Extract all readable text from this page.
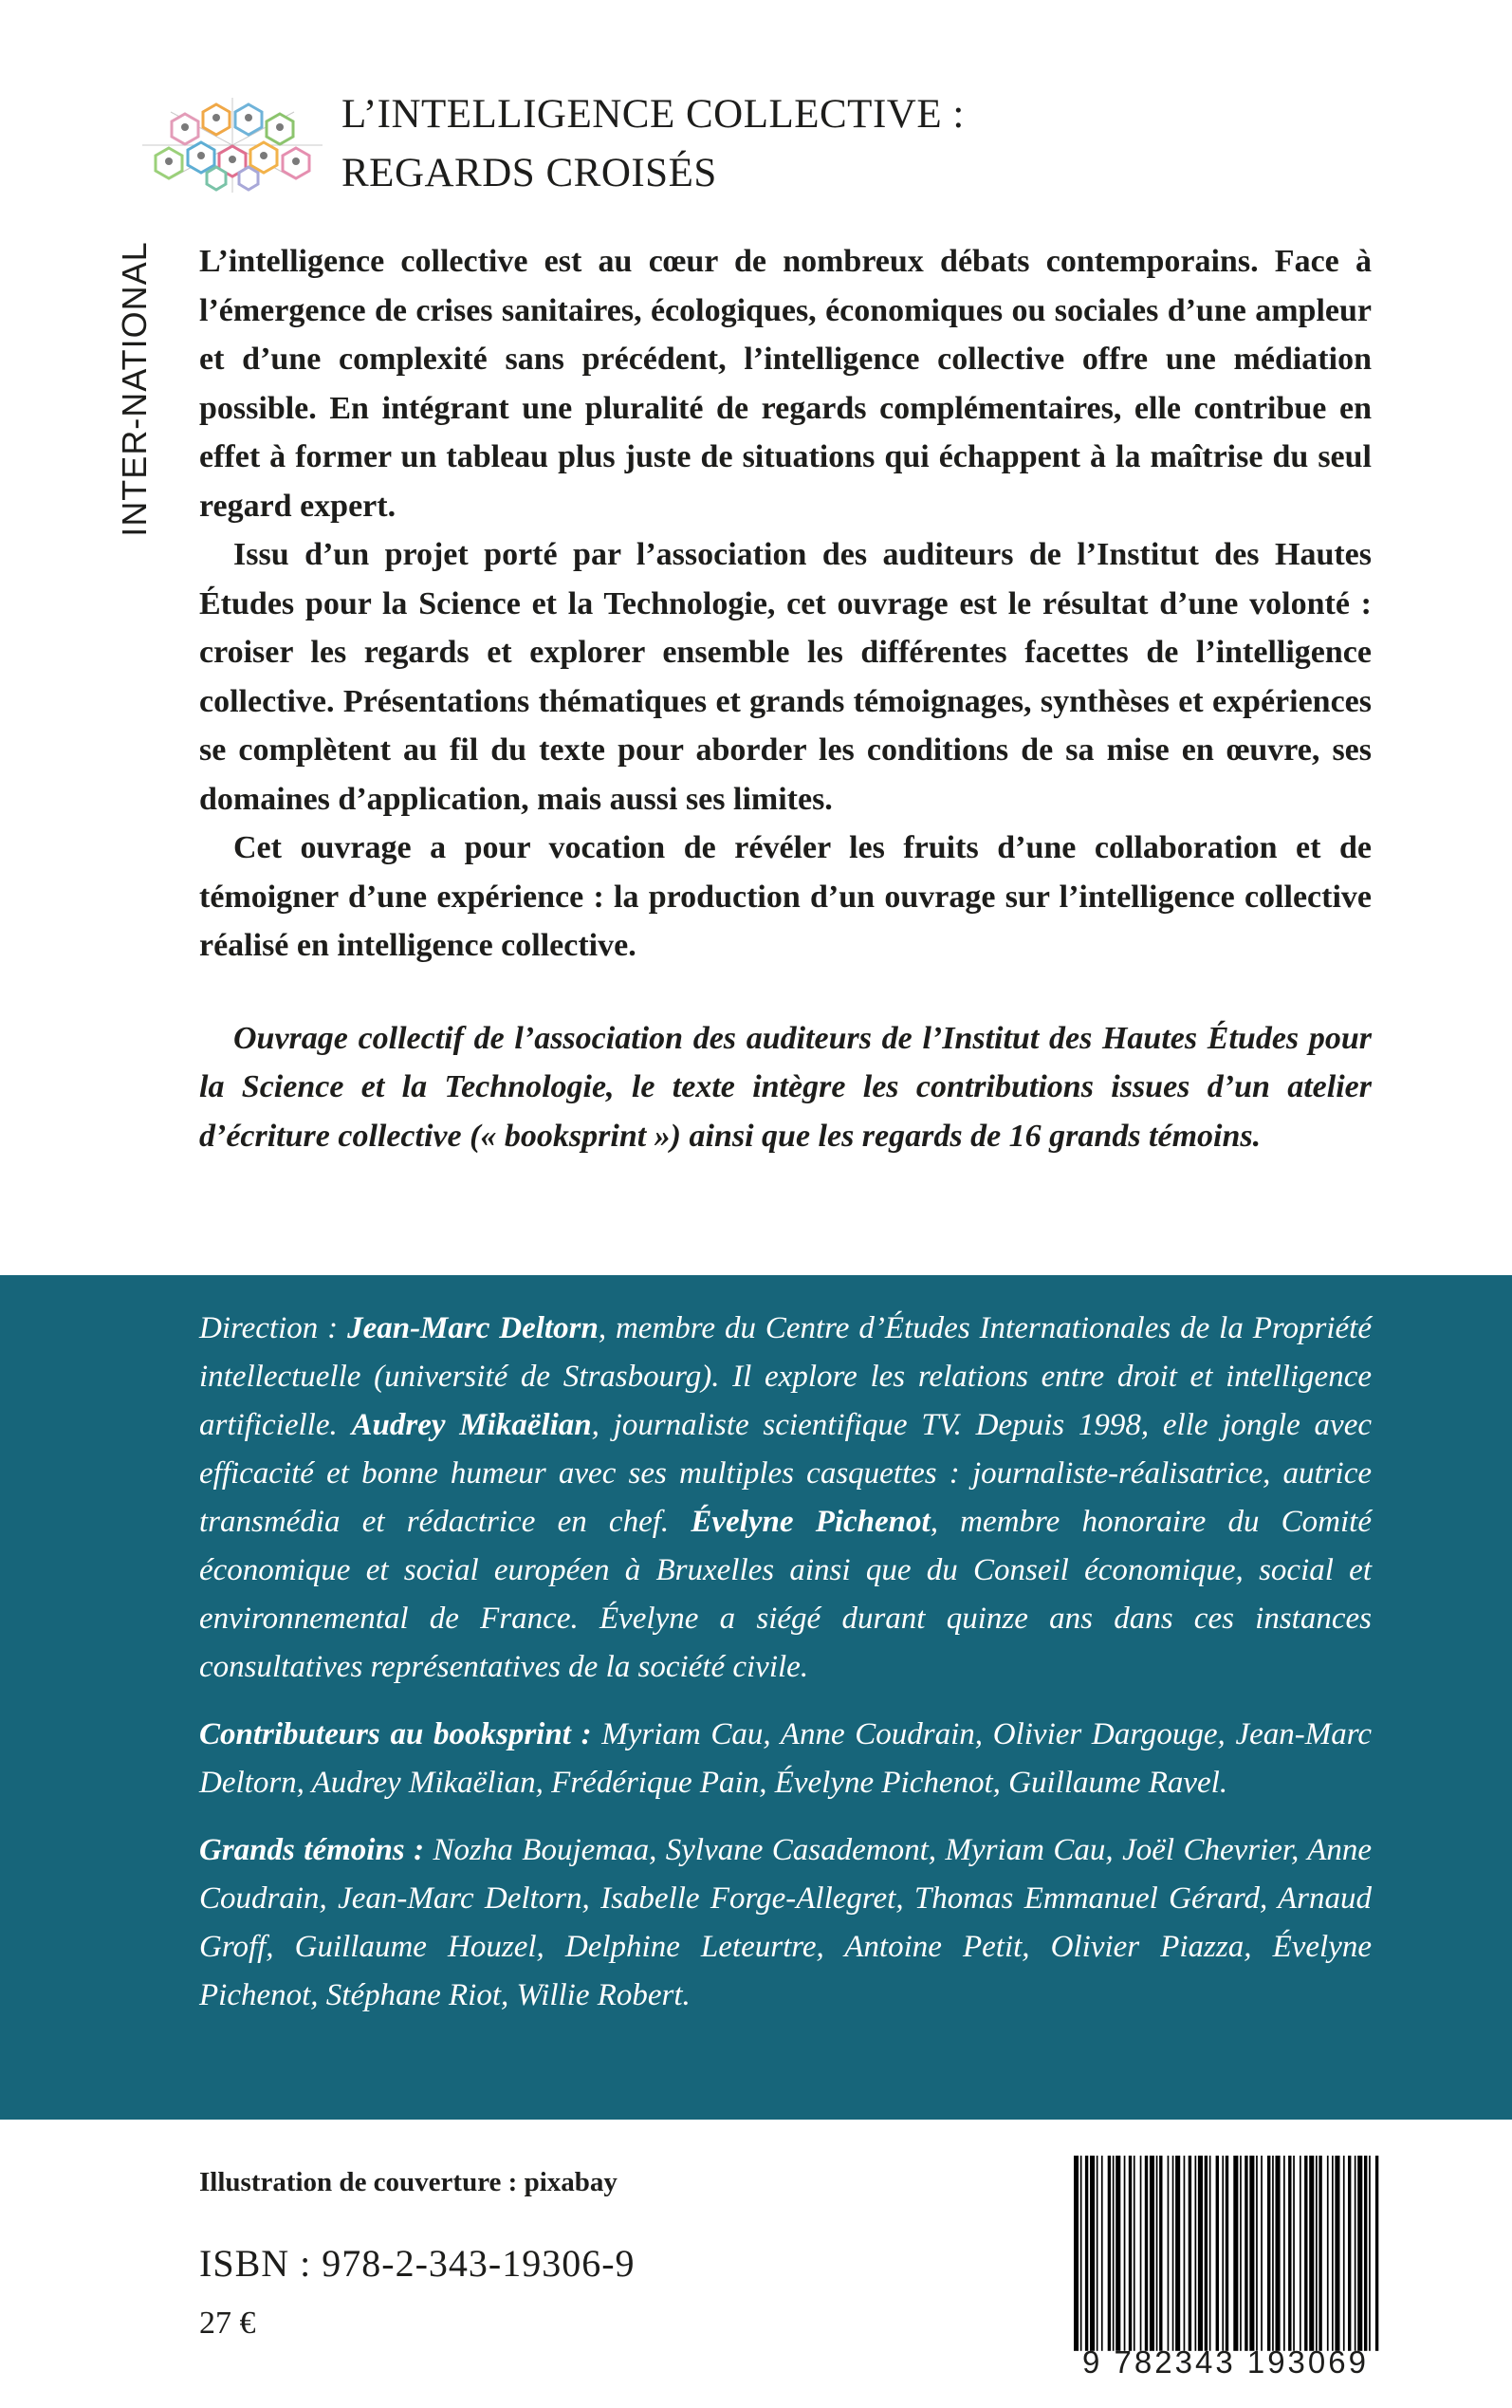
L’INTELLIGENCE COLLECTIVE :
REGARDS CROISÉS
INTER-NATIONAL L’intelligence collective est au cœur de nombreux débats contemporains. Face à l’émergence de crises sanitaires, écologiques, économiques ou sociales d’une ampleur et d’une complexité sans précédent, l’intelligence collective offre une médiation possible. En intégrant une pluralité de regards complémentaires, elle contribue en effet à former un tableau plus juste de situations qui échappent à la maîtrise du seul regard expert.

Issu d’un projet porté par l’association des auditeurs de l’Institut des Hautes Études pour la Science et la Technologie, cet ouvrage est le résultat d’une volonté : croiser les regards et explorer ensemble les différentes facettes de l’intelligence collective. Présentations thématiques et grands témoignages, synthèses et expériences se complètent au fil du texte pour aborder les conditions de sa mise en œuvre, ses domaines d’application, mais aussi ses limites.

Cet ouvrage a pour vocation de révéler les fruits d’une collaboration et de témoigner d’une expérience : la production d’un ouvrage sur l’intelligence collective réalisé en intelligence collective.

Ouvrage collectif de l’association des auditeurs de l’Institut des Hautes Études pour la Science et la Technologie, le texte intègre les contributions issues d’un atelier d’écriture collective (« booksprint ») ainsi que les regards de 16 grands témoins.

Direction : Jean-Marc Deltorn, membre du Centre d’Études Internationales de la Propriété intellectuelle (université de Strasbourg). Il explore les relations entre droit et intelligence artificielle. Audrey Mikaëlian, journaliste scientifique TV. Depuis 1998, elle jongle avec efficacité et bonne humeur avec ses multiples casquettes : journaliste-réalisatrice, autrice transmédia et rédactrice en chef. Évelyne Pichenot, membre honoraire du Comité économique et social européen à Bruxelles ainsi que du Conseil économique, social et environnemental de France. Évelyne a siégé durant quinze ans dans ces instances consultatives représentatives de la société civile.

Contributeurs au booksprint : Myriam Cau, Anne Coudrain, Olivier Dargouge, Jean-Marc Deltorn, Audrey Mikaëlian, Frédérique Pain, Évelyne Pichenot, Guillaume Ravel.

Grands témoins : Nozha Boujemaa, Sylvane Casademont, Myriam Cau, Joël Chevrier, Anne Coudrain, Jean-Marc Deltorn, Isabelle Forge-Allegret, Thomas Emmanuel Gérard, Arnaud Groff, Guillaume Houzel, Delphine Leteurtre, Antoine Petit, Olivier Piazza, Évelyne Pichenot, Stéphane Riot, Willie Robert.

Illustration de couverture : pixabay
ISBN : 978-2-343-19306-9
27 €
9 782343 193069
